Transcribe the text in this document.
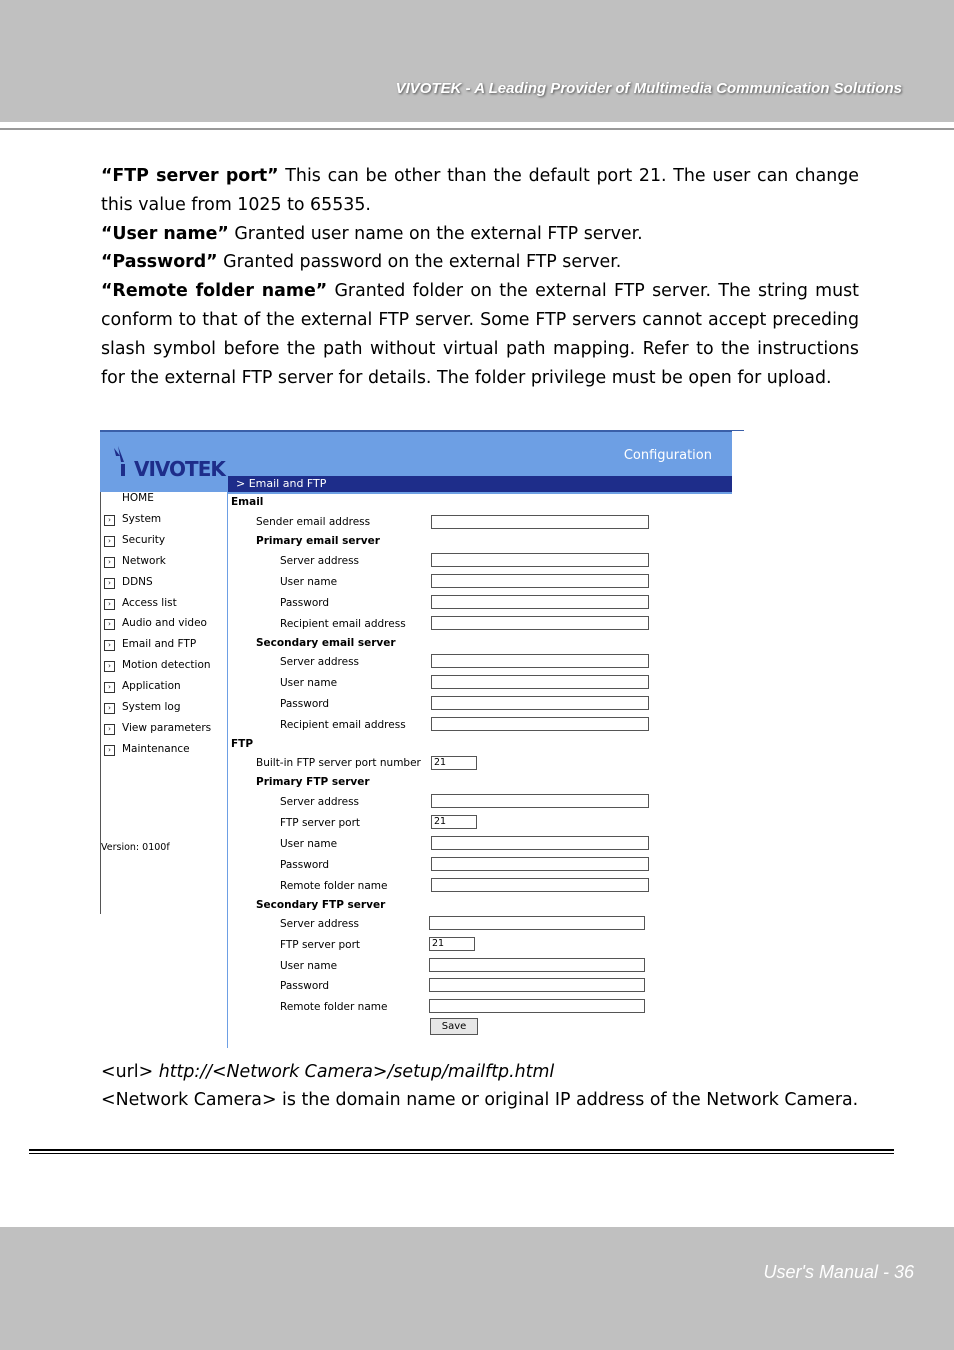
VIVOTEK - A Leading Provider of Multimedia Communication Solutions

“FTP server port” This can be other than the default port 21. The user can change this value from 1025 to 65535.

“User name” Granted user name on the external FTP server.

“Password” Granted password on the external FTP server.

“Remote folder name” Granted folder on the external FTP server. The string must conform to that of the external FTP server. Some FTP servers cannot accept preceding slash symbol before the path without virtual path mapping. Refer to the instructions for the external FTP server for details. The folder privilege must be open for upload.

VIVOTEK
Configuration
HOME
›	System
›	Security
›	Network
›	DDNS
›	Access list
›	Audio and video
›	Email and FTP
›	Motion detection
›	Application
›	System log
›	View parameters
›	Maintenance
Version: 0100f
> Email and FTP
Email
Sender email address
Primary email server
Server address
User name
Password
Recipient email address
Secondary email server
Server address
User name
Password
Recipient email address
FTP
Built-in FTP server port number	21
Primary FTP server
Server address
FTP server port	21
User name
Password
Remote folder name
Secondary FTP server
Server address
FTP server port	21
User name
Password
Remote folder name
Save
<url> http://<Network Camera>/setup/mailftp.html
<Network Camera> is the domain name or original IP address of the Network Camera.
User's Manual - 36
